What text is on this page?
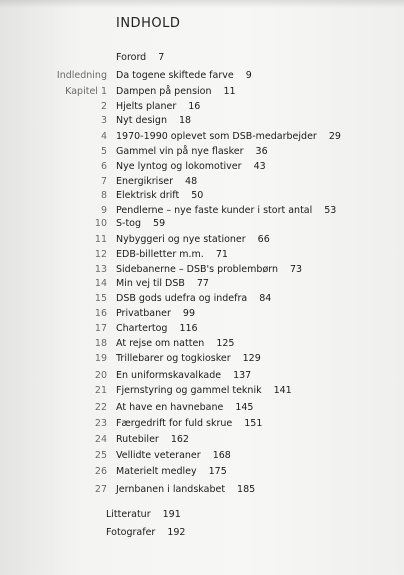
INDHOLD
Forord 7
Indledning Da togene skiftede farve 9
Kapitel 1 Dampen på pension 11
2 Hjelts planer 16
3 Nyt design 18
4 1970-1990 oplevet som DSB-medarbejder 29
5 Gammel vin på nye flasker 36
6 Nye lyntog og lokomotiver 43
7 Energikriser 48
8 Elektrisk drift 50
9 Pendlerne – nye faste kunder i stort antal 53
10 S-tog 59
11 Nybyggeri og nye stationer 66
12 EDB-billetter m.m. 71
13 Sidebanerne – DSB's problembørn 73
14 Min vej til DSB 77
15 DSB gods udefra og indefra 84
16 Privatbaner 99
17 Chartertog 116
18 At rejse om natten 125
19 Trillebarer og togkiosker 129
20 En uniformskavalkade 137
21 Fjernstyring og gammel teknik 141
22 At have en havnebane 145
23 Færgedrift for fuld skrue 151
24 Rutebiler 162
25 Vellidte veteraner 168
26 Materielt medley 175
27 Jernbanen i landskabet 185
Litteratur 191
Fotografer 192
